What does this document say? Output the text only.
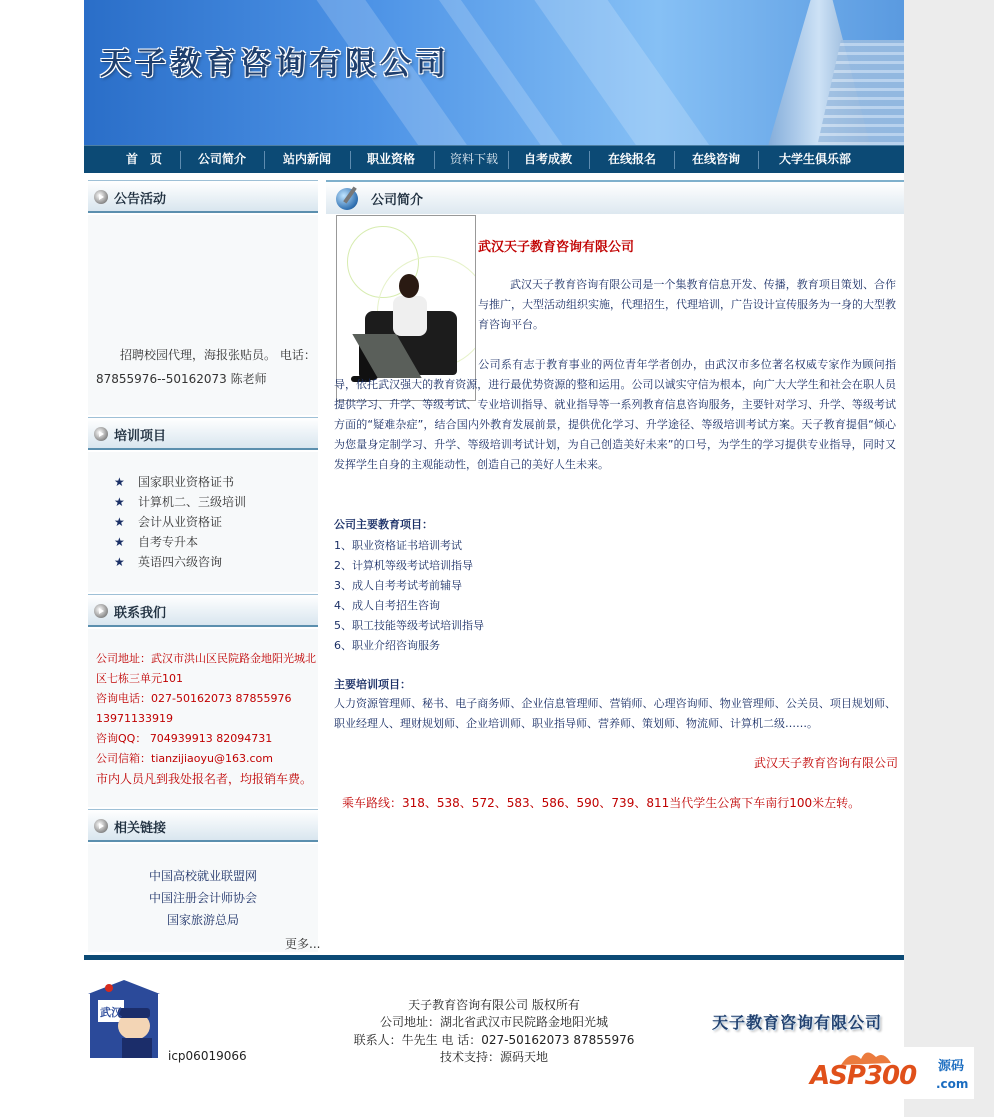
天子教育咨询有限公司
首　页	公司简介	站内新闻	职业资格	资料下载	自考成教	在线报名	在线咨询	大学生俱乐部
公告活动
招聘校园代理，海报张贴员。 电话：87855976--50162073 陈老师
培训项目
★ 国家职业资格证书
★ 计算机二、三级培训
★ 会计从业资格证
★ 自考专升本
★ 英语四六级咨询
联系我们

公司地址：武汉市洪山区民院路金地阳光城北区七栋三单元101

咨询电话：027-50162073 87855976 13971133919

咨询QQ： 704939913 82094731

公司信箱：tianzijiaoyu@163.com

市内人员凡到我处报名者，均报销车费。

相关链接
中国高校就业联盟网
中国注册会计师协会
国家旅游总局
更多...
公司简介
武汉天子教育咨询有限公司

武汉天子教育咨询有限公司是一个集教育信息开发、传播，教育项目策划、合作与推广，大型活动组织实施，代理招生，代理培训，广告设计宣传服务为一身的大型教育咨询平台。

公司系有志于教育事业的两位青年学者创办，由武汉市多位著名权威专家作为顾问指导，依托武汉强大的教育资源，进行最优势资源的整和运用。公司以诚实守信为根本，向广大大学生和社会在职人员提供学习、升学、等级考试、专业培训指导、就业指导等一系列教育信息咨询服务，主要针对学习、升学、等级考试方面的“疑难杂症”，结合国内外教育发展前景，提供优化学习、升学途径、等级培训考试方案。天子教育提倡“倾心为您量身定制学习、升学、等级培训考试计划，为自己创造美好未来”的口号，为学生的学习提供专业指导，同时又发挥学生自身的主观能动性，创造自己的美好人生未来。

公司主要教育项目：
1、职业资格证书培训考试
2、计算机等级考试培训指导
3、成人自考考试考前辅导
4、成人自考招生咨询
5、职工技能等级考试培训指导
6、职业介绍咨询服务
主要培训项目：

人力资源管理师、秘书、电子商务师、企业信息管理师、营销师、心理咨询师、物业管理师、公关员、项目规划师、职业经理人、理财规划师、企业培训师、职业指导师、营养师、策划师、物流师、计算机二级……。

武汉天子教育咨询有限公司
乘车路线：318、538、572、583、586、590、739、811当代学生公寓下车南行100米左转。
武汉
天子教育咨询有限公司 版权所有
公司地址：湖北省武汉市民院路金地阳光城
联系人：牛先生 电 话：027-50162073 87855976
技术支持：源码天地
icp06019066
天子教育咨询有限公司
ASP300 源码
.com
